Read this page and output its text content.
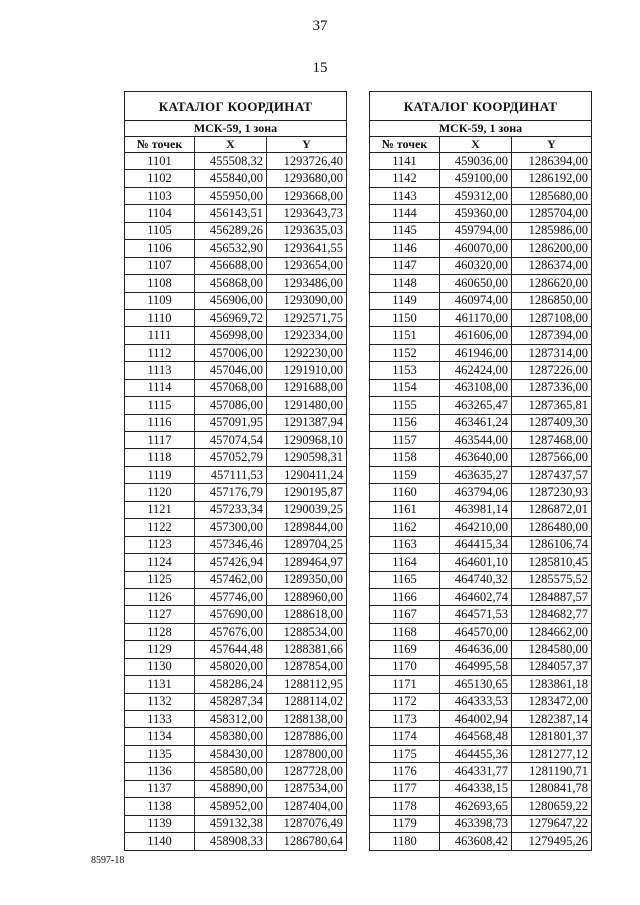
37
15
КАТАЛОГ КООРДИНАТ		
МСК-59, 1 зона		
№ точек	X	Y
1101	455508,32	1293726,40
1102	455840,00	1293680,00
1103	455950,00	1293668,00
1104	456143,51	1293643,73
1105	456289,26	1293635,03
1106	456532,90	1293641,55
1107	456688,00	1293654,00
1108	456868,00	1293486,00
1109	456906,00	1293090,00
1110	456969,72	1292571,75
1111	456998,00	1292334,00
1112	457006,00	1292230,00
1113	457046,00	1291910,00
1114	457068,00	1291688,00
1115	457086,00	1291480,00
1116	457091,95	1291387,94
1117	457074,54	1290968,10
1118	457052,79	1290598,31
1119	457111,53	1290411,24
1120	457176,79	1290195,87
1121	457233,34	1290039,25
1122	457300,00	1289844,00
1123	457346,46	1289704,25
1124	457426,94	1289464,97
1125	457462,00	1289350,00
1126	457746,00	1288960,00
1127	457690,00	1288618,00
1128	457676,00	1288534,00
1129	457644,48	1288381,66
1130	458020,00	1287854,00
1131	458286,24	1288112,95
1132	458287,34	1288114,02
1133	458312,00	1288138,00
1134	458380,00	1287886,00
1135	458430,00	1287800,00
1136	458580,00	1287728,00
1137	458890,00	1287534,00
1138	458952,00	1287404,00
1139	459132,38	1287076,49
1140	458908,33	1286780,64
КАТАЛОГ КООРДИНАТ		
МСК-59, 1 зона		
№ точек	X	Y
1141	459036,00	1286394,00
1142	459100,00	1286192,00
1143	459312,00	1285680,00
1144	459360,00	1285704,00
1145	459794,00	1285986,00
1146	460070,00	1286200,00
1147	460320,00	1286374,00
1148	460650,00	1286620,00
1149	460974,00	1286850,00
1150	461170,00	1287108,00
1151	461606,00	1287394,00
1152	461946,00	1287314,00
1153	462424,00	1287226,00
1154	463108,00	1287336,00
1155	463265,47	1287365,81
1156	463461,24	1287409,30
1157	463544,00	1287468,00
1158	463640,00	1287566,00
1159	463635,27	1287437,57
1160	463794,06	1287230,93
1161	463981,14	1286872,01
1162	464210,00	1286480,00
1163	464415,34	1286106,74
1164	464601,10	1285810,45
1165	464740,32	1285575,52
1166	464602,74	1284887,57
1167	464571,53	1284682,77
1168	464570,00	1284662,00
1169	464636,00	1284580,00
1170	464995,58	1284057,37
1171	465130,65	1283861,18
1172	464333,53	1283472,00
1173	464002,94	1282387,14
1174	464568,48	1281801,37
1175	464455,36	1281277,12
1176	464331,77	1281190,71
1177	464338,15	1280841,78
1178	462693,65	1280659,22
1179	463398,73	1279647,22
1180	463608,42	1279495,26
8597-18
